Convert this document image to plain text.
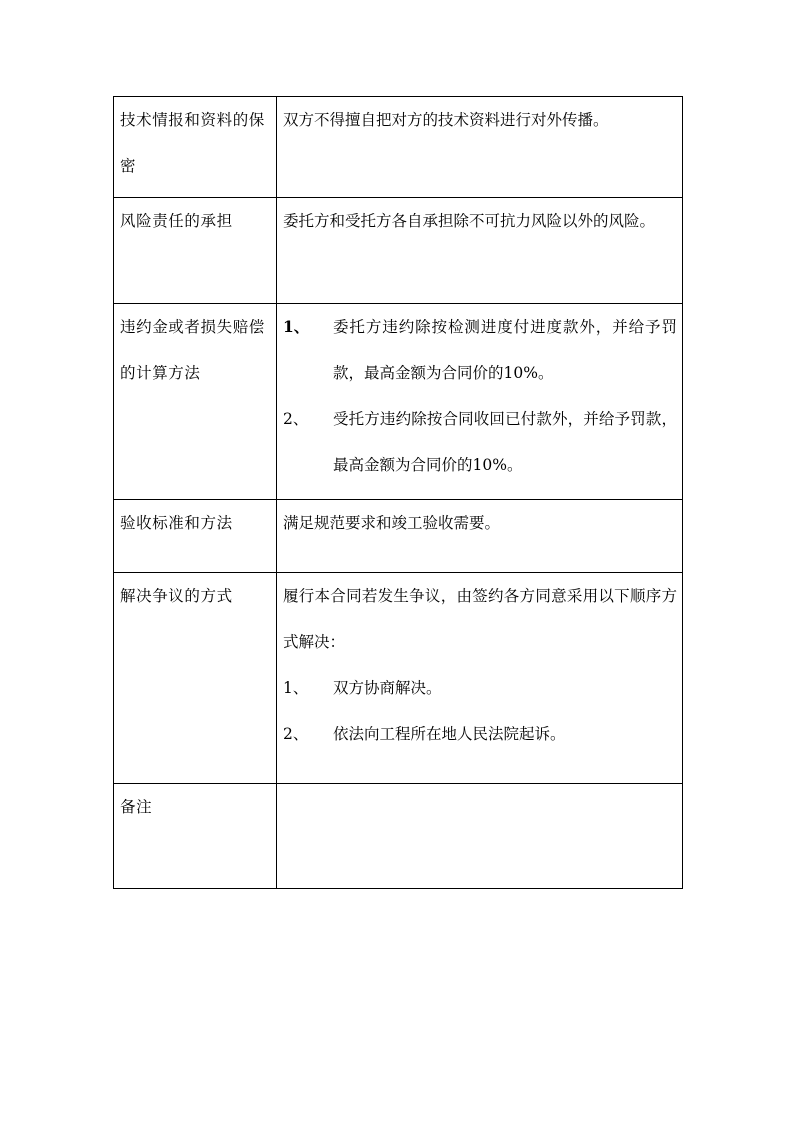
技术情报和资料的保密	双方不得擅自把对方的技术资料进行对外传播。

风险责任的承担	委托方和受托方各自承担除不可抗力风险以外的风险。

违约金或者损失赔偿的计算方法	1、 委托方违约除按检测进度付进度款外，并给予罚款，最高金额为合同价的10%。
2、 受托方违约除按合同收回已付款外，并给予罚款，最高金额为合同价的10%。

验收标准和方法	满足规范要求和竣工验收需要。

解决争议的方式	履行本合同若发生争议，由签约各方同意采用以下顺序方式解决：
1、 双方协商解决。
2、 依法向工程所在地人民法院起诉。

备注	
